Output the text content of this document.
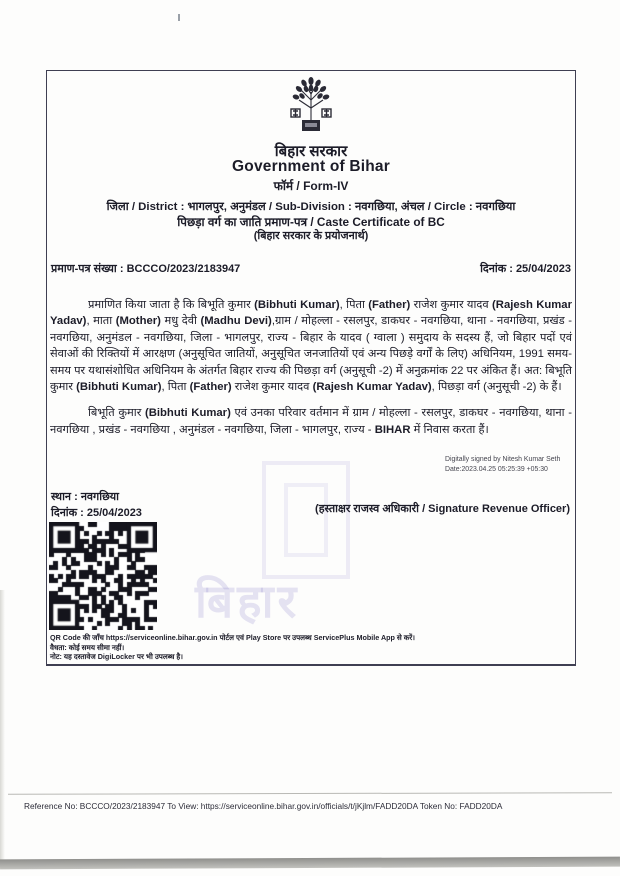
बिहार
बिहार सरकार
Government of Bihar
फॉर्म / Form-IV
जिला / District : भागलपुर, अनुमंडल / Sub-Division : नवगछिया, अंचल / Circle : नवगछिया
पिछड़ा वर्ग का जाति प्रमाण-पत्र / Caste Certificate of BC
(बिहार सरकार के प्रयोजनार्थ)
प्रमाण-पत्र संख्या : BCCCO/2023/2183947	दिनांक : 25/04/2023

प्रमाणित किया जाता है कि बिभूति कुमार (Bibhuti Kumar), पिता (Father) राजेश कुमार यादव (Rajesh Kumar Yadav), माता (Mother) मधु देवी (Madhu Devi),ग्राम / मोहल्ला - रसलपुर, डाकघर - नवगछिया, थाना - नवगछिया, प्रखंड - नवगछिया, अनुमंडल - नवगछिया, जिला - भागलपुर, राज्य - बिहार के यादव ( ग्वाला ) समुदाय के सदस्य हैं, जो बिहार पदों एवं सेवाओं की रिक्तियों में आरक्षण (अनुसूचित जातियों, अनुसूचित जनजातियों एवं अन्य पिछड़े वर्गों के लिए) अधिनियम, 1991 समय-समय पर यथासंशोधित अधिनियम के अंतर्गत बिहार राज्य की पिछड़ा वर्ग (अनुसूची -2) में अनुक्रमांक 22 पर अंकित हैं। अत: बिभूति कुमार (Bibhuti Kumar), पिता (Father) राजेश कुमार यादव (Rajesh Kumar Yadav), पिछड़ा वर्ग (अनुसूची -2) के हैं।

बिभूति कुमार (Bibhuti Kumar) एवं उनका परिवार वर्तमान में ग्राम / मोहल्ला - रसलपुर, डाकघर - नवगछिया, थाना - नवगछिया , प्रखंड - नवगछिया , अनुमंडल - नवगछिया, जिला - भागलपुर, राज्य - BIHAR में निवास करता हैं।

Digitally signed by Nitesh Kumar Seth
Date:2023.04.25 05:25:39 +05:30
स्थान : नवगछिया
दिनांक : 25/04/2023	(हस्ताक्षर राजस्व अधिकारी / Signature Revenue Officer)
QR Code की जाँच https://serviceonline.bihar.gov.in पोर्टल एवं Play Store पर उपलब्ध ServicePlus Mobile App से करें।
वैधता: कोई समय सीमा नहीं।
नोट: यह दस्तावेज DigiLocker पर भी उपलब्ध है।
Reference No: BCCCO/2023/2183947 To View: https://serviceonline.bihar.gov.in/officials/t/jKjlm/FADD20DA Token No: FADD20DA
